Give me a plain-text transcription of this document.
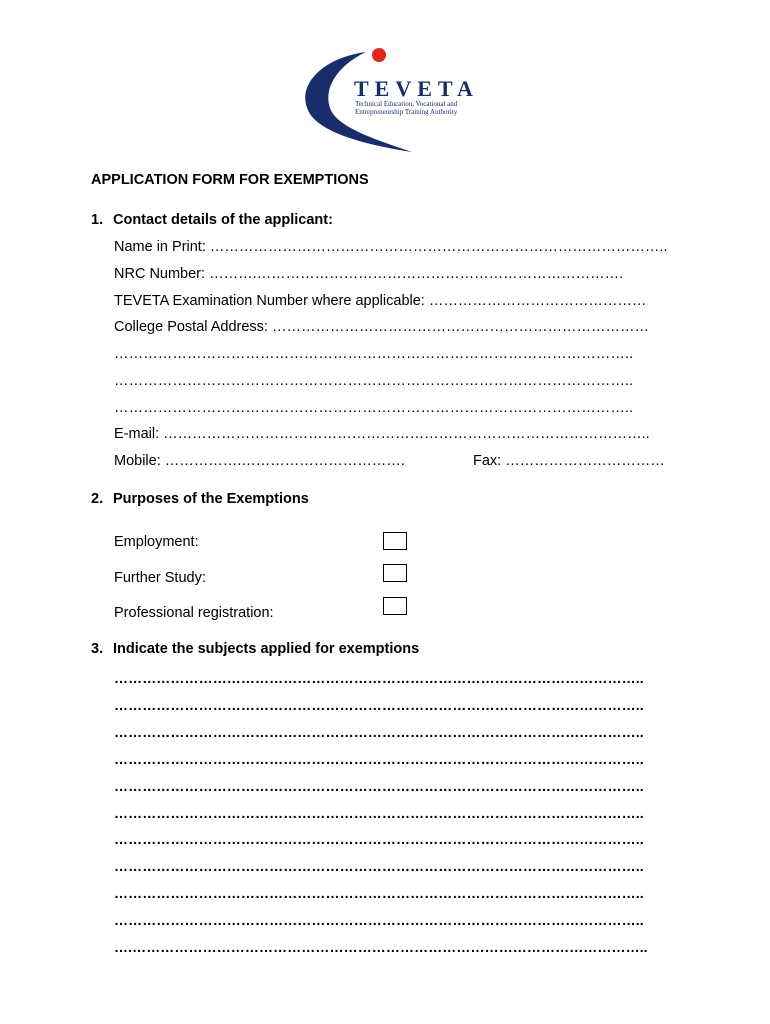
TEVETA
Technical Education, Vocational and
Entrepreneurship Training Authority
APPLICATION FORM FOR EXEMPTIONS
1. Contact details of the applicant:
Name in Print: …………………………………………………………………………………..
NRC Number: ……….………………………………………………………………….
TEVETA Examination Number where applicable: ………………………………………
College Postal Address: ……………………………………………………………………
……………………………………………………………………………………………..
……………………………………………………………………………………………..
……………………………………………………………………………………………..
E-mail: ………………………………………………………………………………………..
Mobile: …………….…………………………….	Fax: ……………………………
2. Purposes of the Exemptions
Employment:
Further Study:
Professional registration:
3. Indicate the subjects applied for exemptions
…………………………………………………………………………………………………..
…………………………………………………………………………………………………..
…………………………………………………………………………………………………..
…………………………………………………………………………………………………..
…………………………………………………………………………………………………..
…………………………………………………………………………………………………..
…………………………………………………………………………………………………..
…………………………………………………………………………………………………..
…………………………………………………………………………………………………..
…………………………………………………………………………………………………..
….………………………………………………………………………………………………..
